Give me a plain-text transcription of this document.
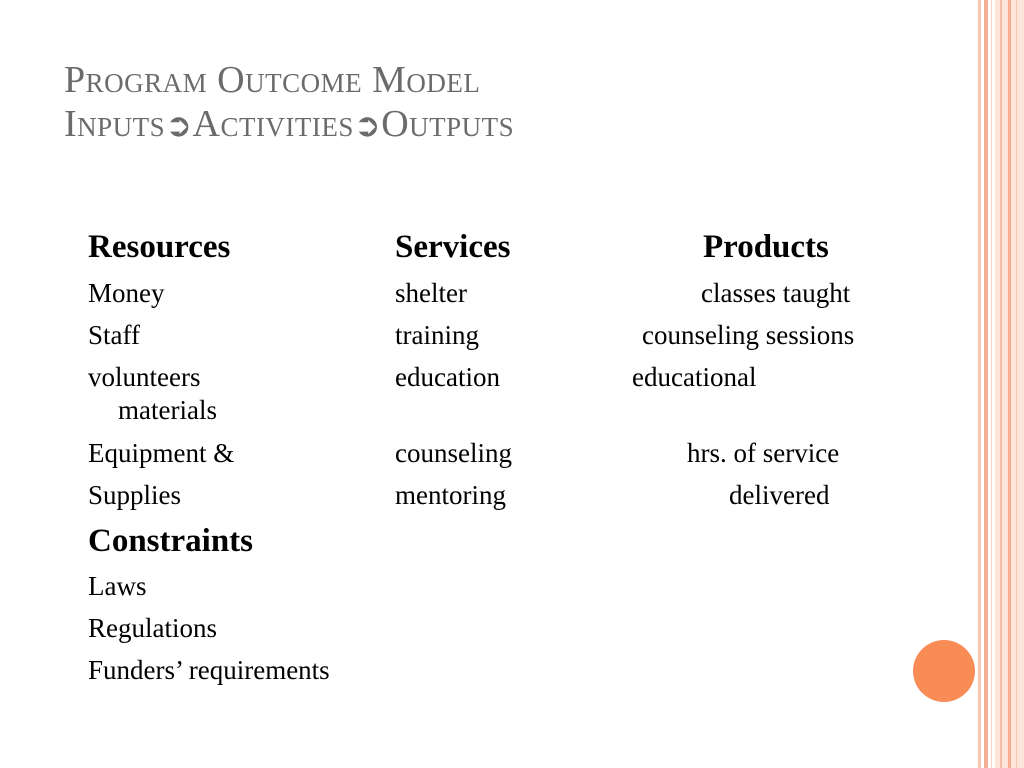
Program Outcome Model
Inputs➲Activities➲Outputs
Resources	Services	Products
Money
Staff
volunteers
Equipment &
Supplies
shelter
training
education
counseling
mentoring
classes taught
counseling sessions
educational
materials
hrs. of service
delivered
Constraints
Laws
Regulations
Funders’ requirements
